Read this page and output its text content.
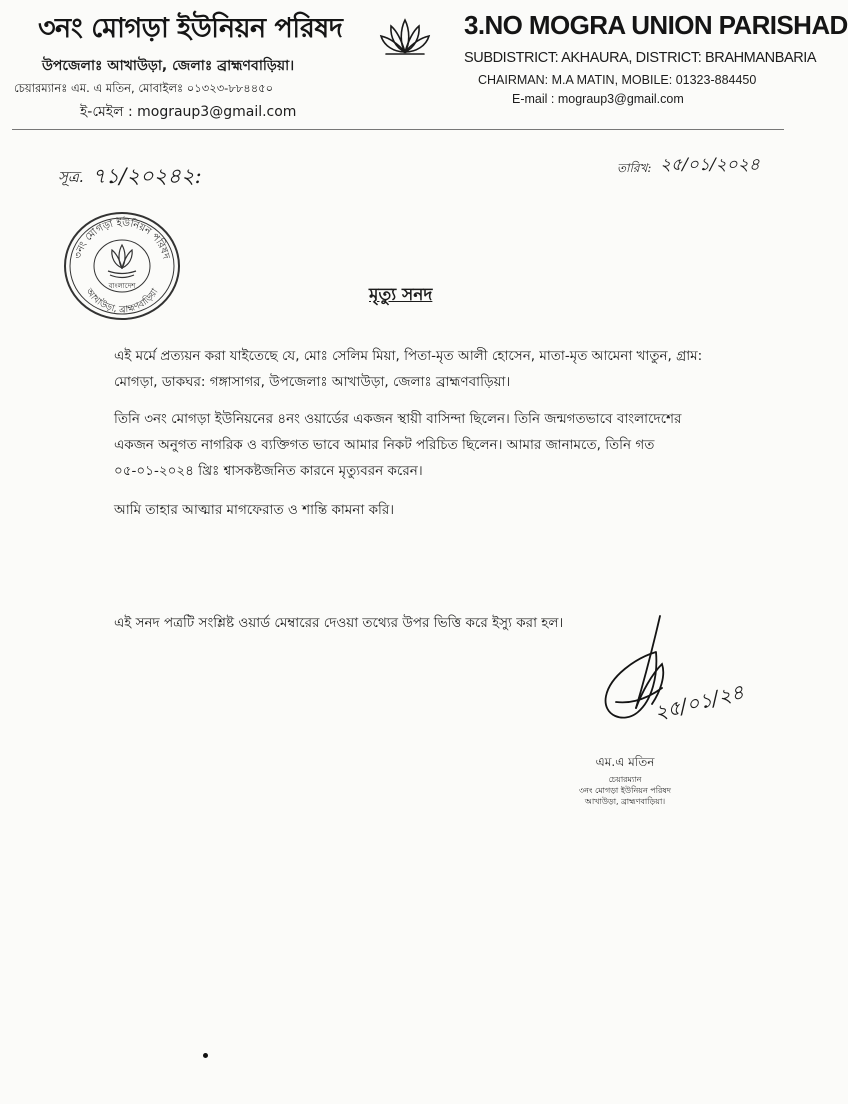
৩নং মোগড়া ইউনিয়ন পরিষদ
উপজেলাঃ আখাউড়া, জেলাঃ ব্রাহ্মণবাড়িয়া।
চেয়ারম্যানঃ এম. এ মতিন, মোবাইলঃ ০১৩২৩-৮৮৪৪৫০
ই-মেইল : mograup3@gmail.com
3.NO MOGRA UNION PARISHAD
SUBDISTRICT: AKHAURA, DISTRICT: BRAHMANBARIA
CHAIRMAN: M.A MATIN, MOBILE: 01323-884450
E-mail : mograup3@gmail.com
সূত্র. ৭১/২০২৪২:	তারিখ: ২৫/০১/২০২৪
৩নং মোগড়া ইউনিয়ন পরিষদ
আখাউড়া, ব্রাহ্মণবাড়িয়া
বাংলাদেশ	মৃত্যু সনদ
এই মর্মে প্রত্যয়ন করা যাইতেছে যে, মোঃ সেলিম মিয়া, পিতা-মৃত আলী হোসেন, মাতা-মৃত আমেনা খাতুন, গ্রাম: মোগড়া, ডাকঘর: গঙ্গাসাগর, উপজেলাঃ আখাউড়া, জেলাঃ ব্রাহ্মণবাড়িয়া।
তিনি ৩নং মোগড়া ইউনিয়নের ৪নং ওয়ার্ডের একজন স্থায়ী বাসিন্দা ছিলেন। তিনি জন্মগতভাবে বাংলাদেশের একজন অনুগত নাগরিক ও ব্যক্তিগত ভাবে আমার নিকট পরিচিত ছিলেন। আমার জানামতে, তিনি গত ০৫-০১-২০২৪ খ্রিঃ শ্বাসকষ্টজনিত কারনে মৃত্যুবরন করেন।
আমি তাহার আত্মার মাগফেরাত ও শান্তি কামনা করি।
এই সনদ পত্রটি সংশ্লিষ্ট ওয়ার্ড মেম্বারের দেওয়া তথ্যের উপর ভিত্তি করে ইস্যু করা হল।
২৫/০১/২৪
এম.এ মতিন
চেয়ারম্যান
৩নং মোগড়া ইউনিয়ন পরিষদ
আখাউড়া, ব্রাহ্মণবাড়িয়া।
